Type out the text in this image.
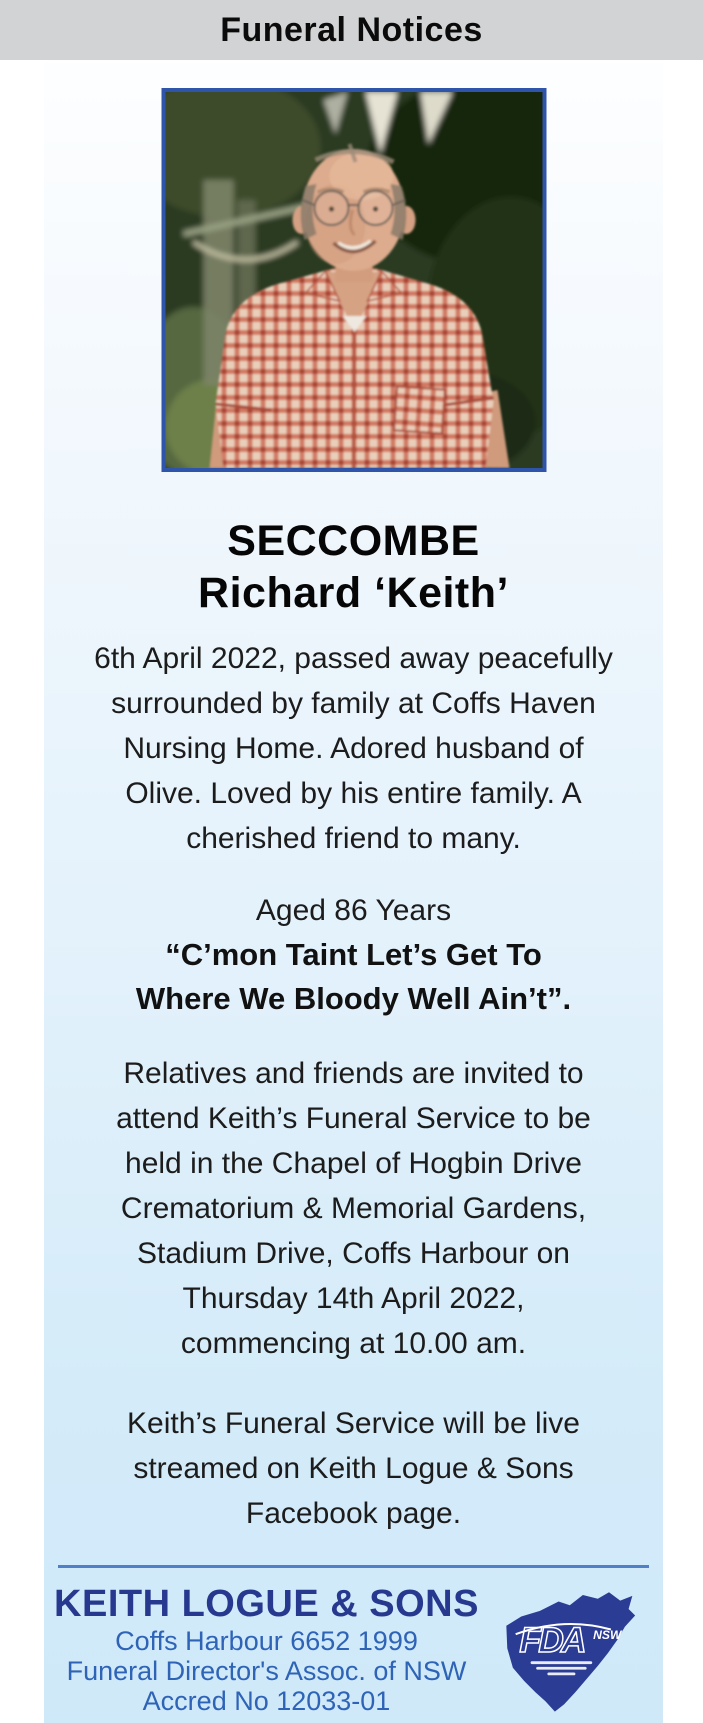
Funeral Notices
SECCOMBE
Richard ‘Keith’
6th April 2022, passed away peacefully
surrounded by family at Coffs Haven
Nursing Home. Adored husband of
Olive. Loved by his entire family. A
cherished friend to many.
Aged 86 Years
“C’mon Taint Let’s Get To
Where We Bloody Well Ain’t”.
Relatives and friends are invited to
attend Keith’s Funeral Service to be
held in the Chapel of Hogbin Drive
Crematorium & Memorial Gardens,
Stadium Drive, Coffs Harbour on
Thursday 14th April 2022,
commencing at 10.00 am.
Keith’s Funeral Service will be live
streamed on Keith Logue & Sons
Facebook page.
KEITH LOGUE & SONS
Coffs Harbour 6652 1999
Funeral Director's Assoc. of NSW
Accred No 12033-01
FDA NSW
